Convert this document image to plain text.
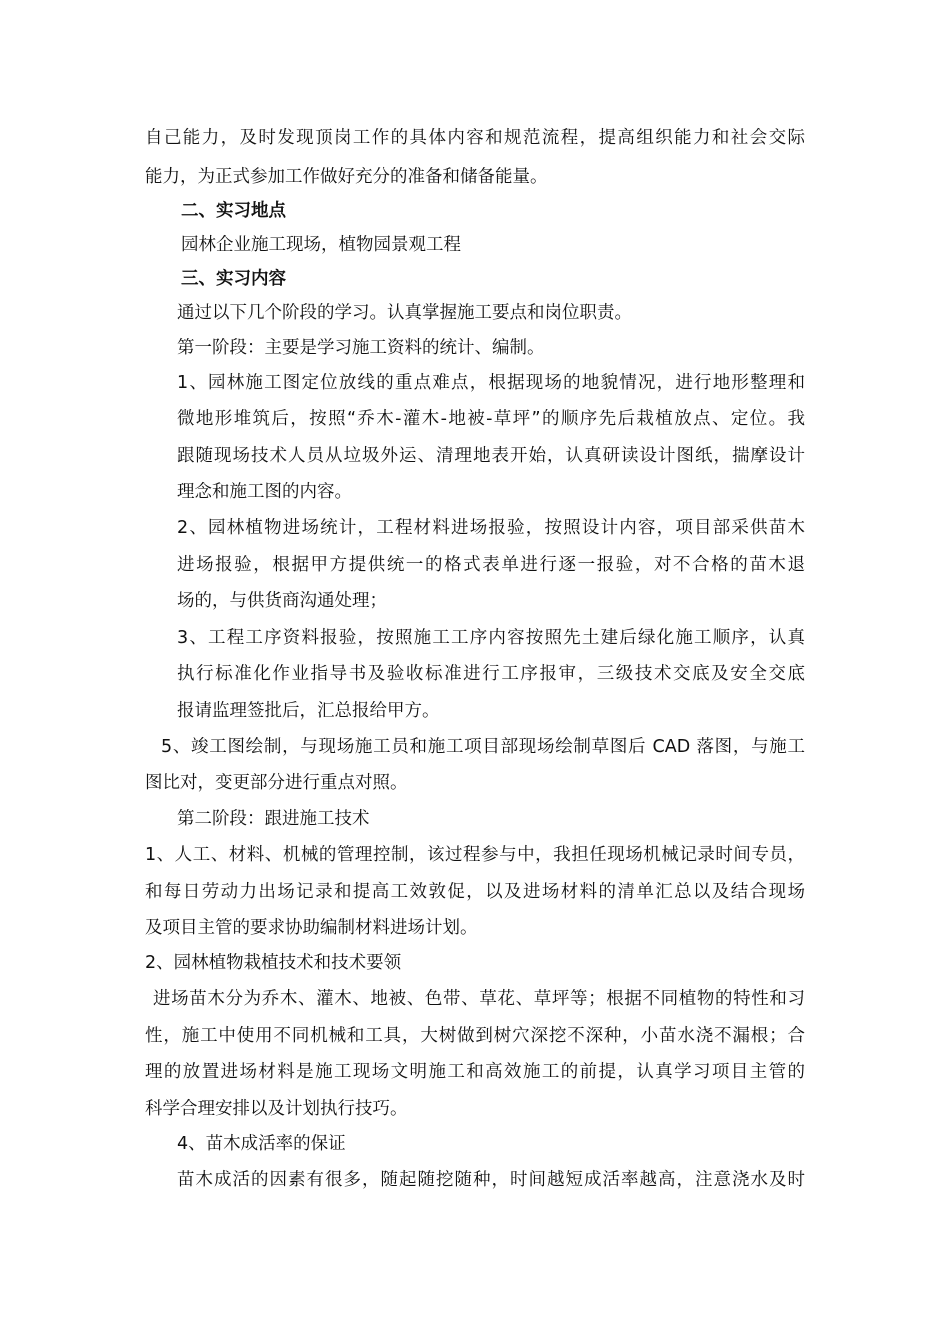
自己能力，及时发现顶岗工作的具体内容和规范流程，提高组织能力和社会交际
能力，为正式参加工作做好充分的准备和储备能量。
二、实习地点
园林企业施工现场，植物园景观工程
三、实习内容
通过以下几个阶段的学习。认真掌握施工要点和岗位职责。
第一阶段：主要是学习施工资料的统计、编制。
1、园林施工图定位放线的重点难点，根据现场的地貌情况，进行地形整理和
微地形堆筑后，按照“乔木-灌木-地被-草坪”的顺序先后栽植放点、定位。我
跟随现场技术人员从垃圾外运、清理地表开始，认真研读设计图纸，揣摩设计
理念和施工图的内容。
2、园林植物进场统计，工程材料进场报验，按照设计内容，项目部采供苗木
进场报验，根据甲方提供统一的格式表单进行逐一报验，对不合格的苗木退
场的，与供货商沟通处理；
3、工程工序资料报验，按照施工工序内容按照先土建后绿化施工顺序，认真
执行标准化作业指导书及验收标准进行工序报审，三级技术交底及安全交底
报请监理签批后，汇总报给甲方。
5、竣工图绘制，与现场施工员和施工项目部现场绘制草图后 CAD 落图，与施工
图比对，变更部分进行重点对照。
第二阶段：跟进施工技术
1、人工、材料、机械的管理控制，该过程参与中，我担任现场机械记录时间专员，
和每日劳动力出场记录和提高工效敦促，以及进场材料的清单汇总以及结合现场
及项目主管的要求协助编制材料进场计划。
2、园林植物栽植技术和技术要领
进场苗木分为乔木、灌木、地被、色带、草花、草坪等；根据不同植物的特性和习
性，施工中使用不同机械和工具，大树做到树穴深挖不深种，小苗水浇不漏根；合
理的放置进场材料是施工现场文明施工和高效施工的前提，认真学习项目主管的
科学合理安排以及计划执行技巧。
4、苗木成活率的保证
苗木成活的因素有很多，随起随挖随种，时间越短成活率越高，注意浇水及时
